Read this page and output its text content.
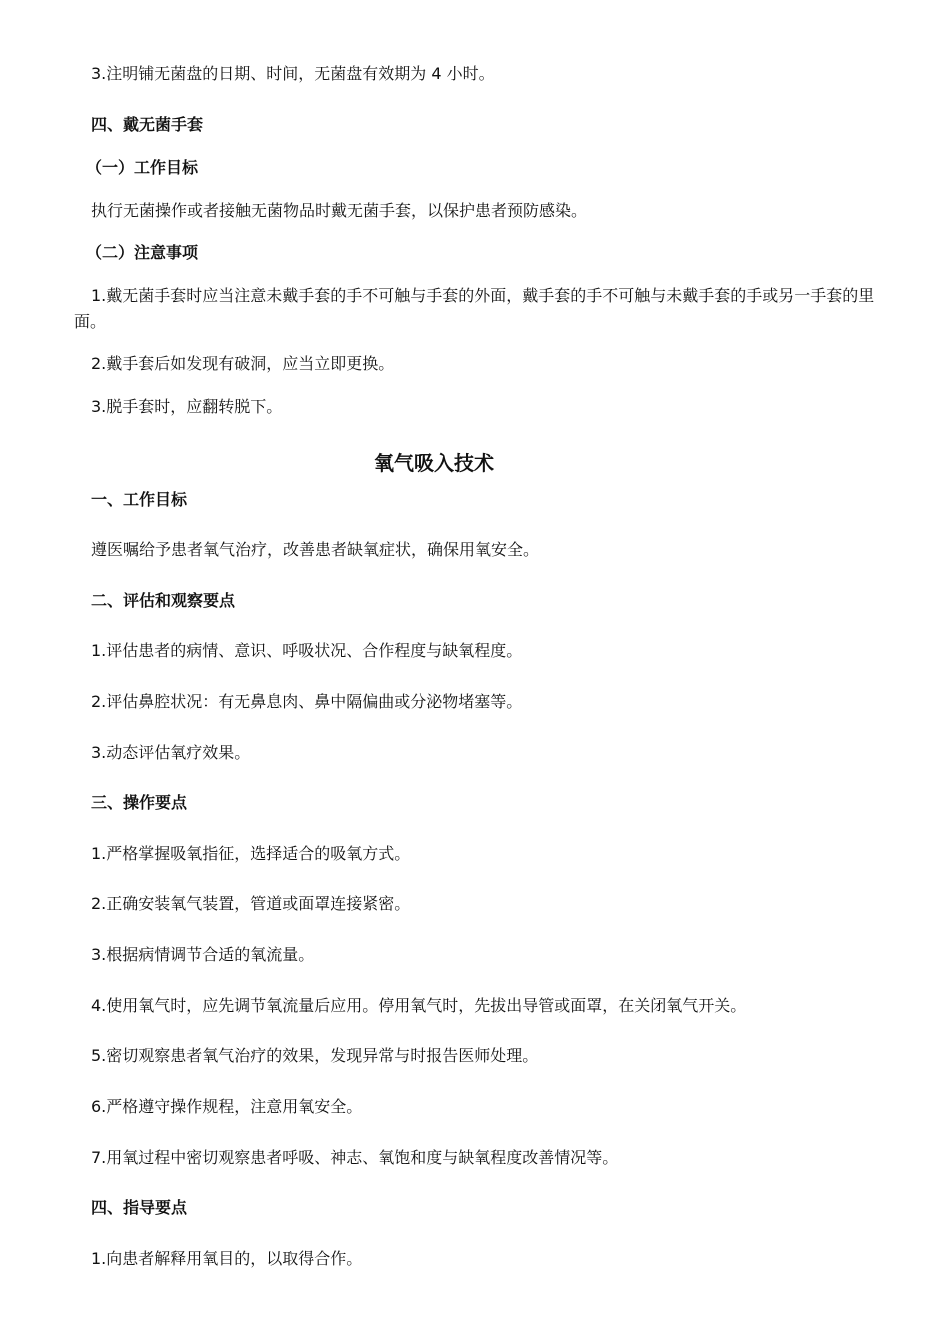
3.注明铺无菌盘的日期、时间，无菌盘有效期为 4 小时。
四、戴无菌手套
（一）工作目标
执行无菌操作或者接触无菌物品时戴无菌手套，以保护患者预防感染。
（二）注意事项
1.戴无菌手套时应当注意未戴手套的手不可触与手套的外面，戴手套的手不可触与未戴手套的手或另一手套的里面。
2.戴手套后如发现有破洞，应当立即更换。
3.脱手套时，应翻转脱下。
氧气吸入技术
一、工作目标
遵医嘱给予患者氧气治疗，改善患者缺氧症状，确保用氧安全。
二、评估和观察要点
1.评估患者的病情、意识、呼吸状况、合作程度与缺氧程度。
2.评估鼻腔状况：有无鼻息肉、鼻中隔偏曲或分泌物堵塞等。
3.动态评估氧疗效果。
三、操作要点
1.严格掌握吸氧指征，选择适合的吸氧方式。
2.正确安装氧气装置，管道或面罩连接紧密。
3.根据病情调节合适的氧流量。
4.使用氧气时，应先调节氧流量后应用。停用氧气时，先拔出导管或面罩，在关闭氧气开关。
5.密切观察患者氧气治疗的效果，发现异常与时报告医师处理。
6.严格遵守操作规程，注意用氧安全。
7.用氧过程中密切观察患者呼吸、神志、氧饱和度与缺氧程度改善情况等。
四、指导要点
1.向患者解释用氧目的，以取得合作。
